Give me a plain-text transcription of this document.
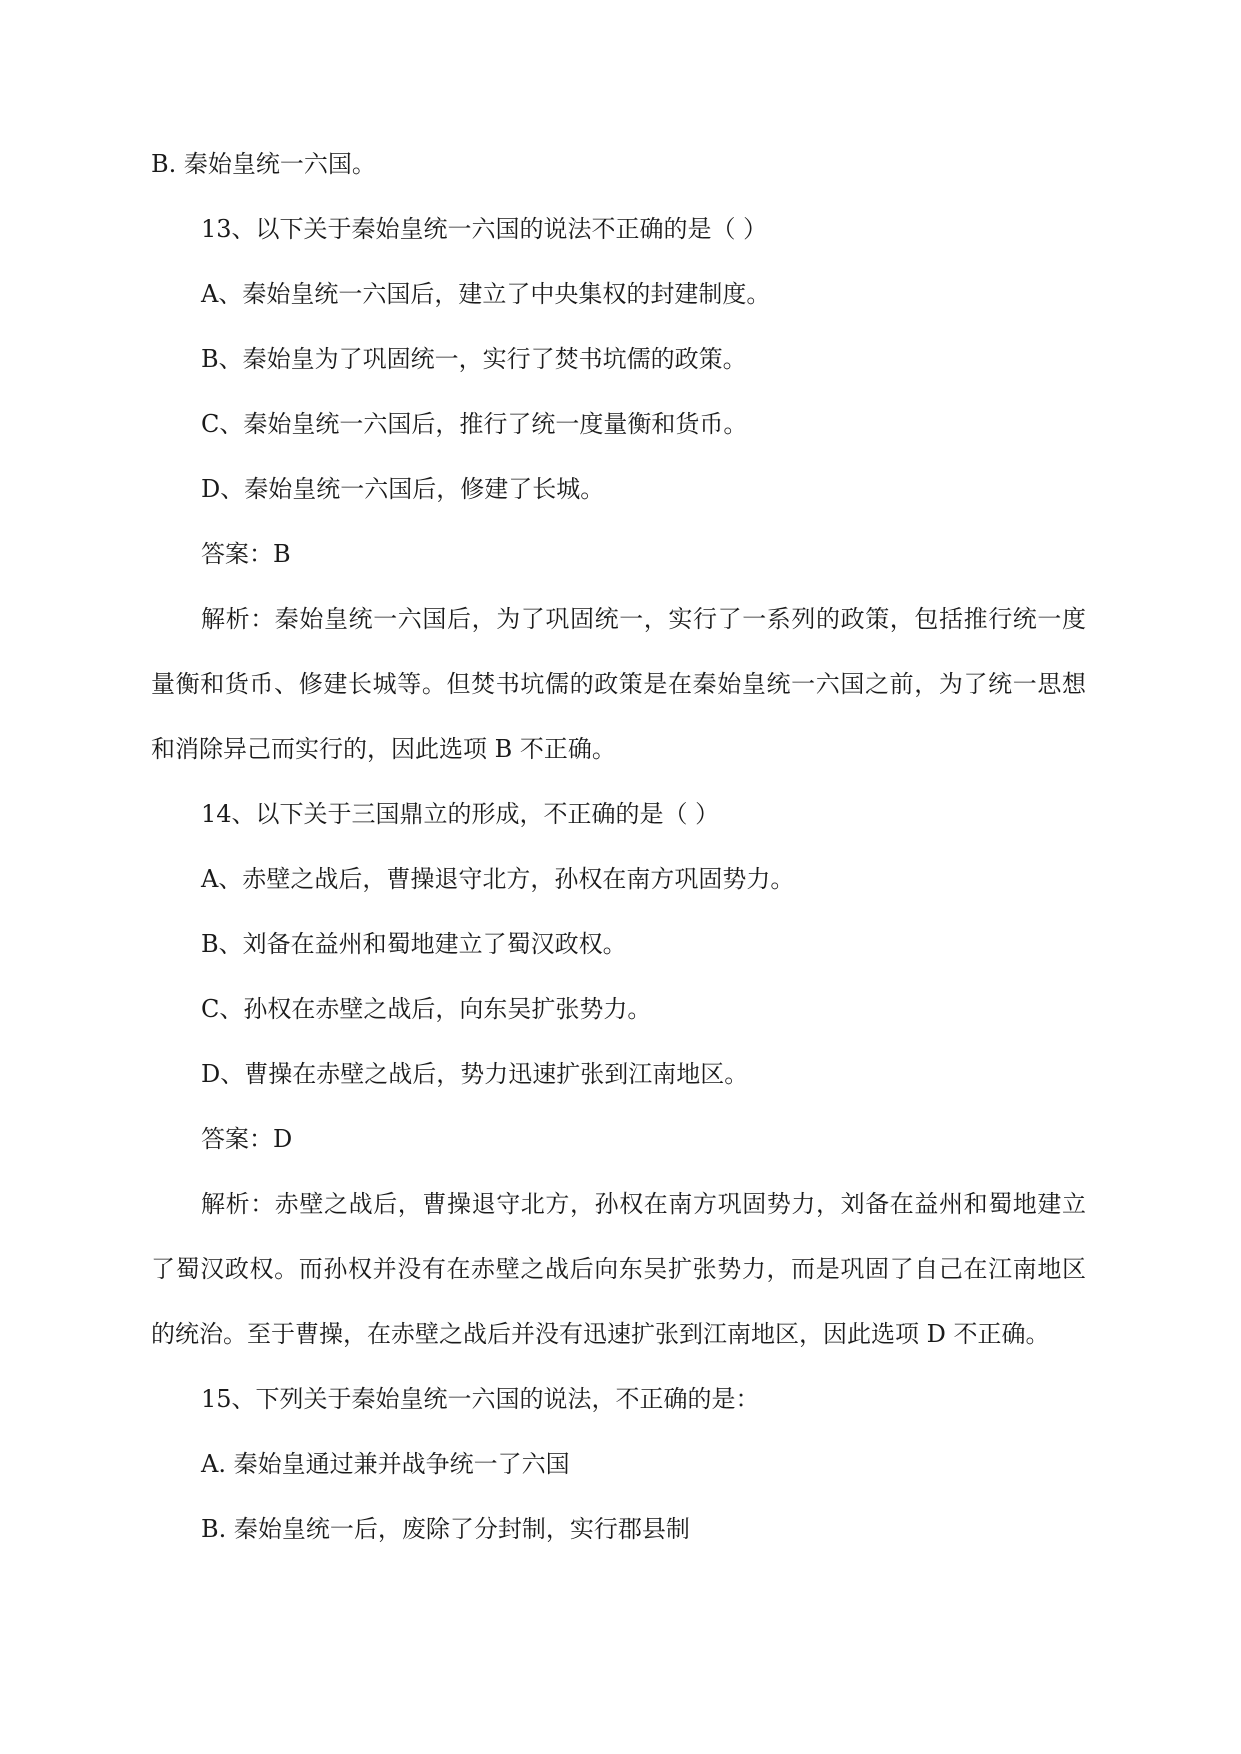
B. 秦始皇统一六国。
13、以下关于秦始皇统一六国的说法不正确的是（ ）
A、秦始皇统一六国后，建立了中央集权的封建制度。
B、秦始皇为了巩固统一，实行了焚书坑儒的政策。
C、秦始皇统一六国后，推行了统一度量衡和货币。
D、秦始皇统一六国后，修建了长城。
答案：B
解析：秦始皇统一六国后，为了巩固统一，实行了一系列的政策，包括推行统一度
量衡和货币、修建长城等。但焚书坑儒的政策是在秦始皇统一六国之前，为了统一思想
和消除异己而实行的，因此选项 B 不正确。
14、以下关于三国鼎立的形成，不正确的是（ ）
A、赤壁之战后，曹操退守北方，孙权在南方巩固势力。
B、刘备在益州和蜀地建立了蜀汉政权。
C、孙权在赤壁之战后，向东吴扩张势力。
D、曹操在赤壁之战后，势力迅速扩张到江南地区。
答案：D
解析：赤壁之战后，曹操退守北方，孙权在南方巩固势力，刘备在益州和蜀地建立
了蜀汉政权。而孙权并没有在赤壁之战后向东吴扩张势力，而是巩固了自己在江南地区
的统治。至于曹操，在赤壁之战后并没有迅速扩张到江南地区，因此选项 D 不正确。
15、下列关于秦始皇统一六国的说法，不正确的是：
A. 秦始皇通过兼并战争统一了六国
B. 秦始皇统一后，废除了分封制，实行郡县制
